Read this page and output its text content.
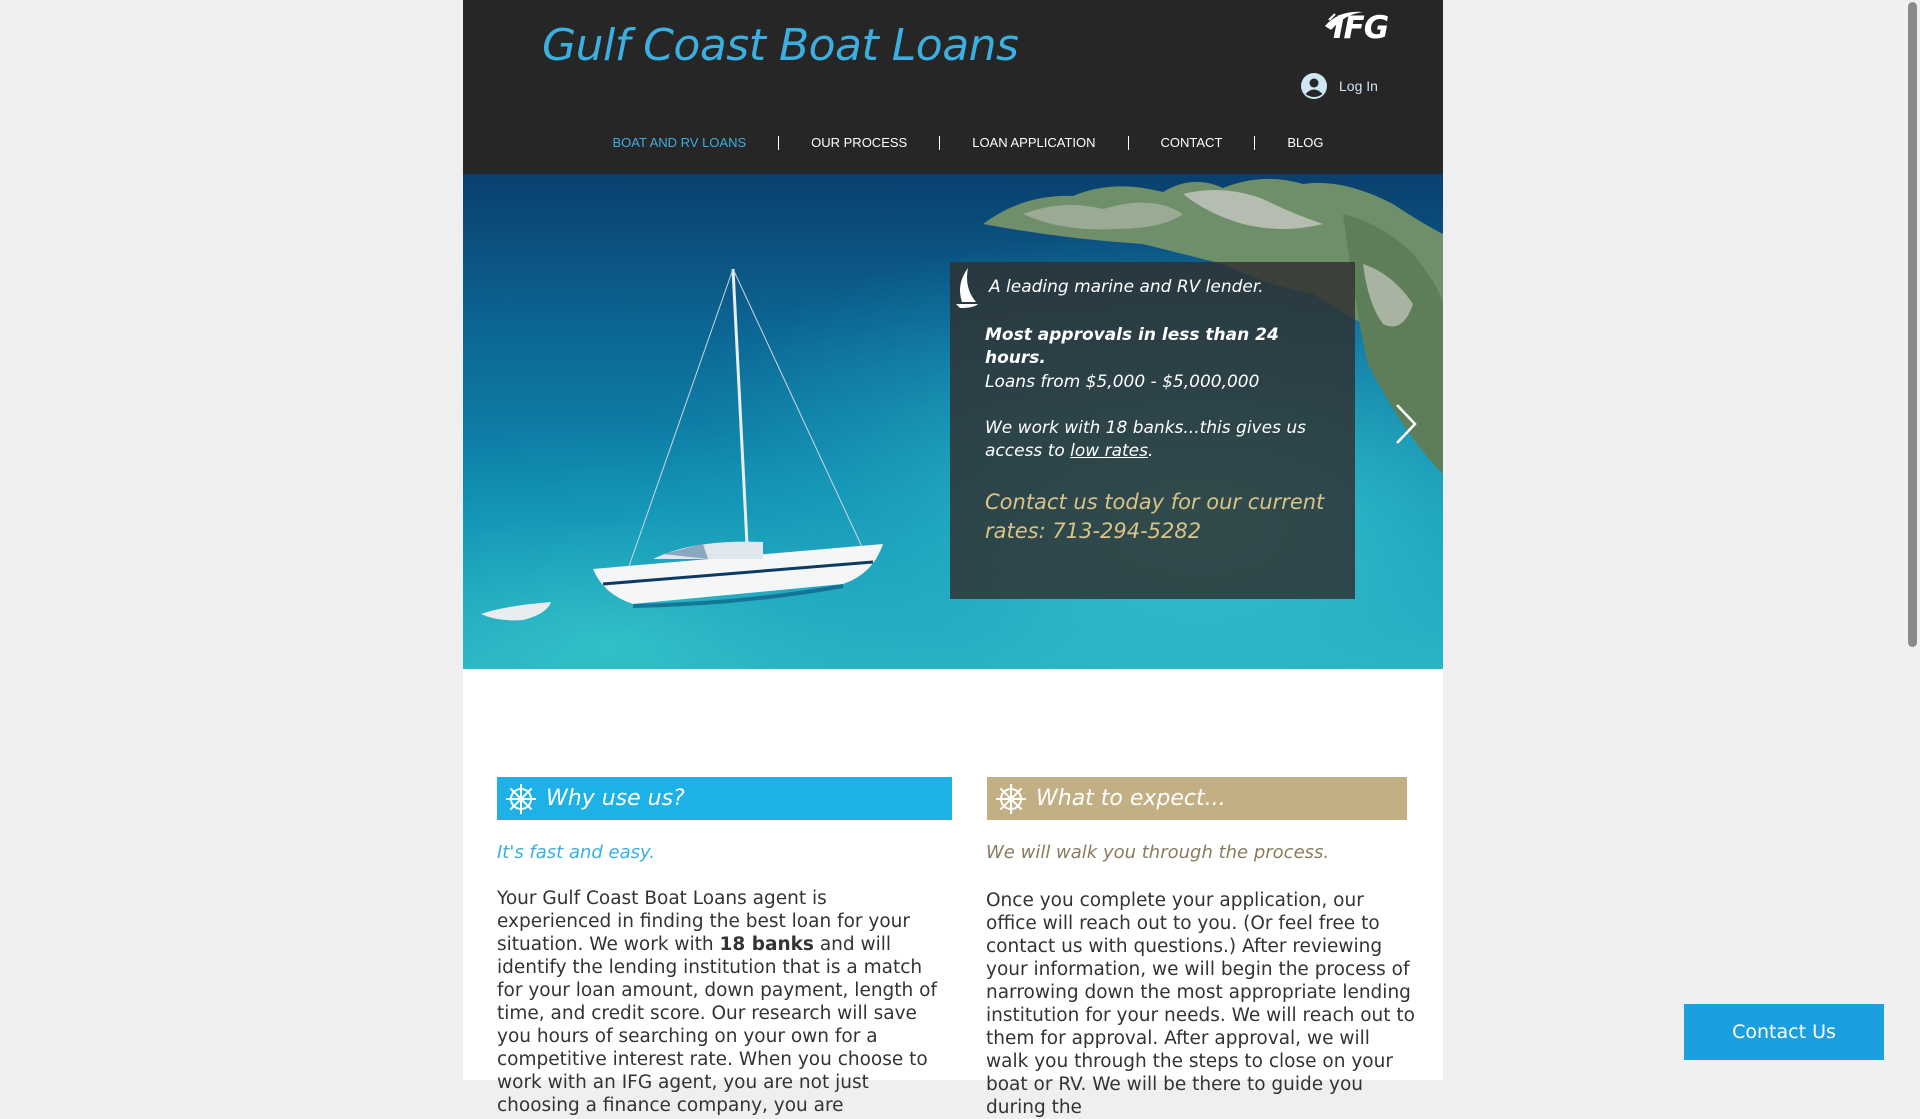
Gulf Coast Boat Loans	IFG
Log In
BOAT AND RV LOANS	OUR PROCESS	LOAN APPLICATION	CONTACT	BLOG
A leading marine and RV lender.
Most approvals in less than 24 hours.
Loans from $5,000 - $5,000,000
We work with 18 banks...this gives us access to low rates.
Contact us today for our current rates: 713-294-5282
Why use us?

It's fast and easy.

Your Gulf Coast Boat Loans agent is experienced in finding the best loan for your situation. We work with 18 banks and will identify the lending institution that is a match for your loan amount, down payment, length of time, and credit score. Our research will save you hours of searching on your own for a competitive interest rate. When you choose to work with an IFG agent, you are not just choosing a finance company, you are

What to expect...

We will walk you through the process.

Once you complete your application, our office will reach out to you. (Or feel free to contact us with questions.) After reviewing your information, we will begin the process of narrowing down the most appropriate lending institution for your needs. We will reach out to them for approval. After approval, we will walk you through the steps to close on your boat or RV. We will be there to guide you during the

Contact Us
